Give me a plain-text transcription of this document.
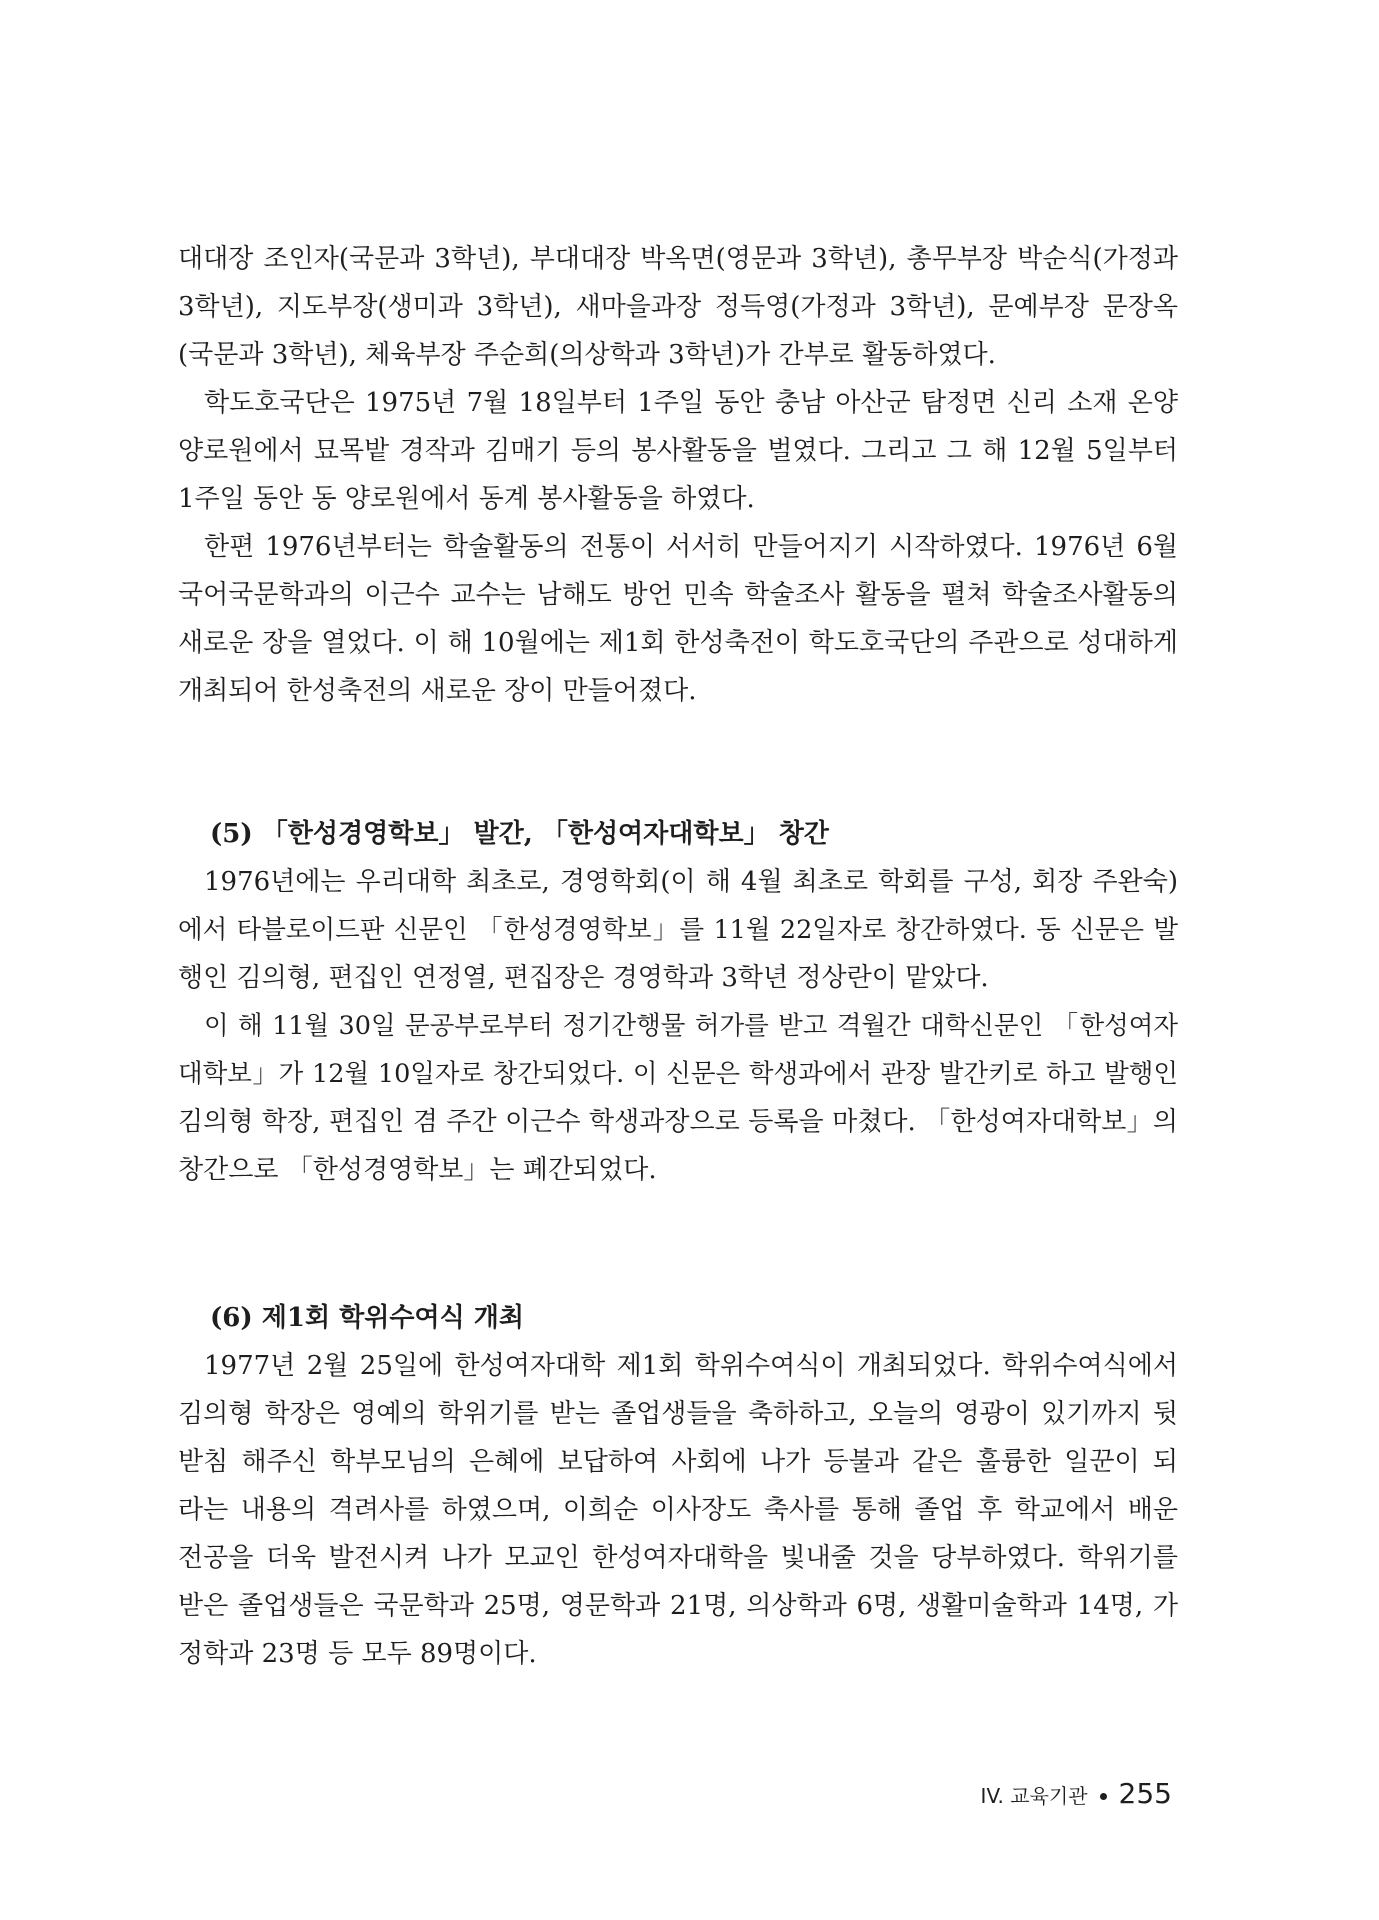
대대장 조인자(국문과 3학년), 부대대장 박옥면(영문과 3학년), 총무부장 박순식(가정과
3학년), 지도부장(생미과 3학년), 새마을과장 정득영(가정과 3학년), 문예부장 문장옥
(국문과 3학년), 체육부장 주순희(의상학과 3학년)가 간부로 활동하였다.
학도호국단은 1975년 7월 18일부터 1주일 동안 충남 아산군 탐정면 신리 소재 온양
양로원에서 묘목밭 경작과 김매기 등의 봉사활동을 벌였다. 그리고 그 해 12월 5일부터
1주일 동안 동 양로원에서 동계 봉사활동을 하였다.
한편 1976년부터는 학술활동의 전통이 서서히 만들어지기 시작하였다. 1976년 6월
국어국문학과의 이근수 교수는 남해도 방언 민속 학술조사 활동을 펼쳐 학술조사활동의
새로운 장을 열었다. 이 해 10월에는 제1회 한성축전이 학도호국단의 주관으로 성대하게
개최되어 한성축전의 새로운 장이 만들어졌다.
(5) 「한성경영학보」 발간, 「한성여자대학보」 창간
1976년에는 우리대학 최초로, 경영학회(이 해 4월 최초로 학회를 구성, 회장 주완숙)
에서 타블로이드판 신문인 「한성경영학보」를 11월 22일자로 창간하였다. 동 신문은 발
행인 김의형, 편집인 연정열, 편집장은 경영학과 3학년 정상란이 맡았다.
이 해 11월 30일 문공부로부터 정기간행물 허가를 받고 격월간 대학신문인 「한성여자
대학보」가 12월 10일자로 창간되었다. 이 신문은 학생과에서 관장 발간키로 하고 발행인
김의형 학장, 편집인 겸 주간 이근수 학생과장으로 등록을 마쳤다. 「한성여자대학보」의
창간으로 「한성경영학보」는 폐간되었다.
(6) 제1회 학위수여식 개최
1977년 2월 25일에 한성여자대학 제1회 학위수여식이 개최되었다. 학위수여식에서
김의형 학장은 영예의 학위기를 받는 졸업생들을 축하하고, 오늘의 영광이 있기까지 뒷
받침 해주신 학부모님의 은혜에 보답하여 사회에 나가 등불과 같은 훌륭한 일꾼이 되
라는 내용의 격려사를 하였으며, 이희순 이사장도 축사를 통해 졸업 후 학교에서 배운
전공을 더욱 발전시켜 나가 모교인 한성여자대학을 빛내줄 것을 당부하였다. 학위기를
받은 졸업생들은 국문학과 25명, 영문학과 21명, 의상학과 6명, 생활미술학과 14명, 가
정학과 23명 등 모두 89명이다.
IV. 교육기관 255
